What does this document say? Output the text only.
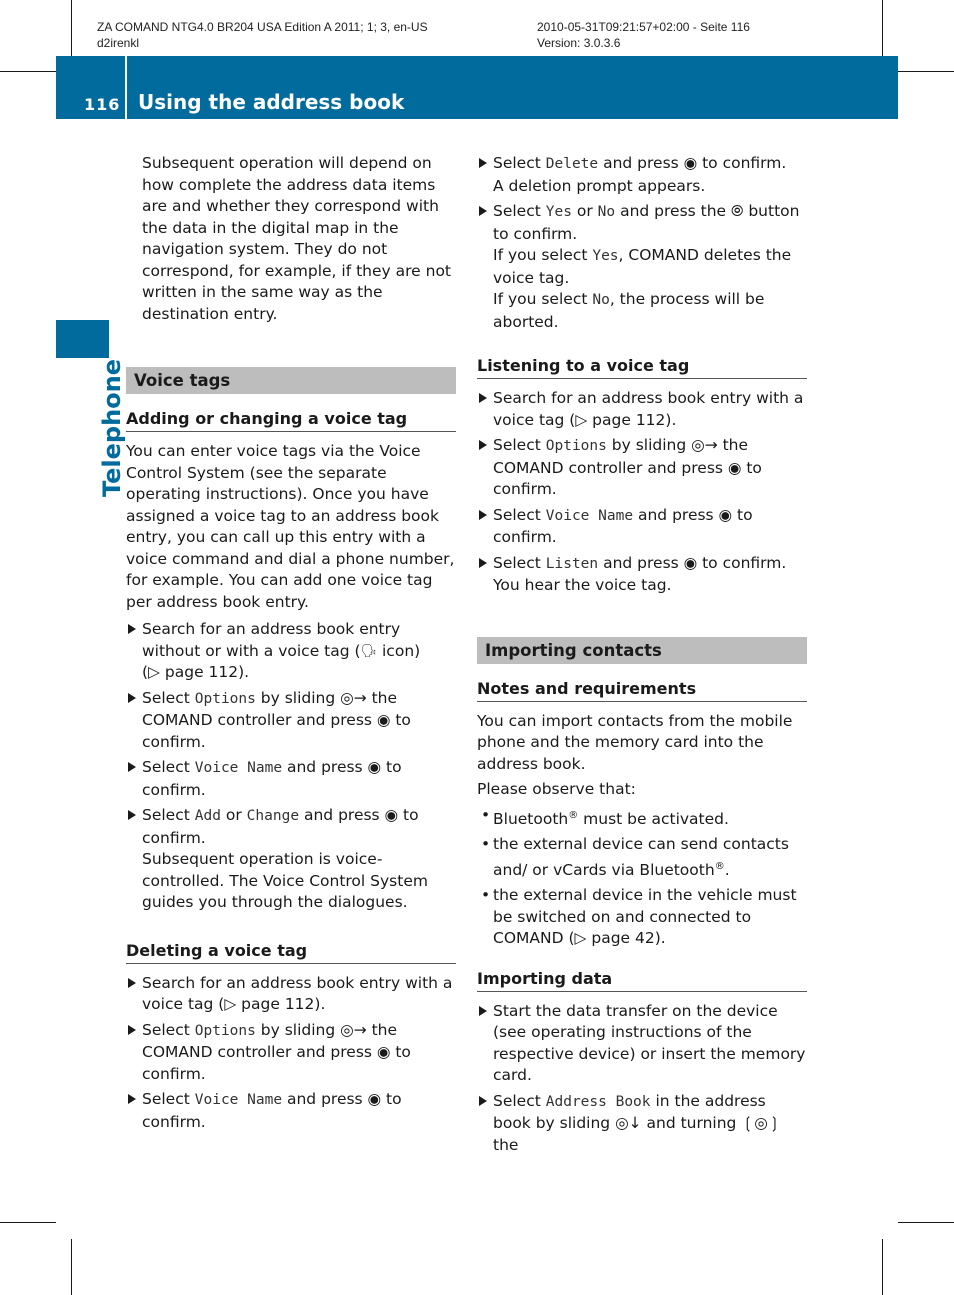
ZA COMAND NTG4.0 BR204 USA Edition A 2011; 1; 3, en-US
d2irenkl
2010-05-31T09:21:57+02:00 - Seite 116
Version: 3.0.3.6
116 Using the address book
Telephone

Subsequent operation will depend on how complete the address data items are and whether they correspond with the data in the digital map in the navigation system. They do not correspond, for example, if they are not written in the same way as the destination entry.

Voice tags
Adding or changing a voice tag

You can enter voice tags via the Voice Control System (see the separate operating instructions). Once you have assigned a voice tag to an address book entry, you can call up this entry with a voice command and dial a phone number, for example. You can add one voice tag per address book entry.

Search for an address book entry without or with a voice tag (🗣 icon)
(▷ page 112).
Select Options by sliding ◎→ the COMAND controller and press ◉ to confirm.
Select Voice Name and press ◉ to confirm.
Select Add or Change and press ◉ to confirm.
Subsequent operation is voice-controlled. The Voice Control System guides you through the dialogues.
Deleting a voice tag
Search for an address book entry with a voice tag (▷ page 112).
Select Options by sliding ◎→ the COMAND controller and press ◉ to confirm.
Select Voice Name and press ◉ to confirm.
Select Delete and press ◉ to confirm.
A deletion prompt appears.
Select Yes or No and press the ⦾ button to confirm.
If you select Yes, COMAND deletes the voice tag.
If you select No, the process will be aborted.
Listening to a voice tag
Search for an address book entry with a voice tag (▷ page 112).
Select Options by sliding ◎→ the COMAND controller and press ◉ to confirm.
Select Voice Name and press ◉ to confirm.
Select Listen and press ◉ to confirm.
You hear the voice tag.
Importing contacts
Notes and requirements

You can import contacts from the mobile phone and the memory card into the address book.

Please observe that:

• Bluetooth® must be activated.
• the external device can send contacts and/ or vCards via Bluetooth®.
• the external device in the vehicle must be switched on and connected to COMAND (▷ page 42).
Importing data
Start the data transfer on the device (see operating instructions of the respective device) or insert the memory card.
Select Address Book in the address book by sliding ◎↓ and turning ❲◎❳ the
